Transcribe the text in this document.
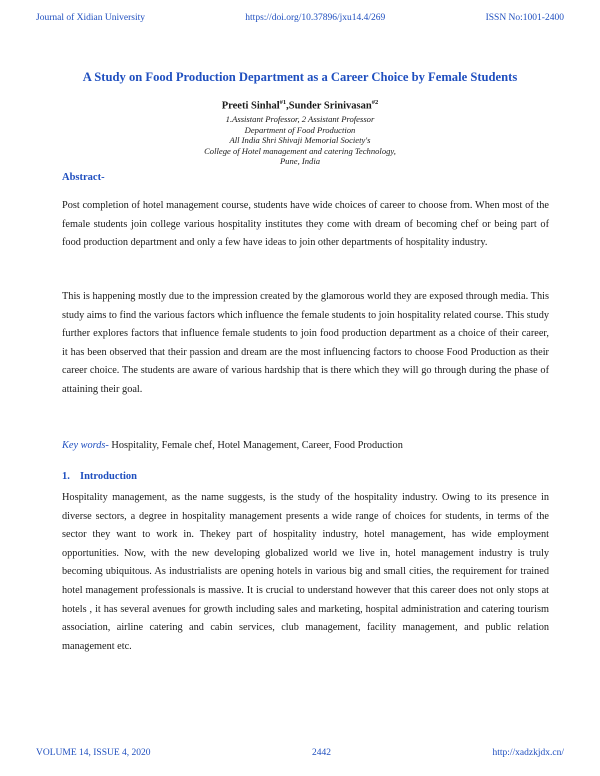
Journal of Xidian University	https://doi.org/10.37896/jxu14.4/269	ISSN No:1001-2400
A Study on Food Production Department as a Career Choice by Female Students
Preeti Sinhal$^{\#1}$,Sunder Srinivasan$^{\#2}$
1.Assistant Professor, 2 Assistant Professor
Department of Food Production
All India Shri Shivaji Memorial Society's
College of Hotel management and catering Technology,
Pune, India
Abstract-
Post completion of hotel management course, students have wide choices of career to choose from. When most of the female students join college various hospitality institutes they come with dream of becoming chef or being part of food production department and only a few have ideas to join other departments of hospitality industry.
This is happening mostly due to the impression created by the glamorous world they are exposed through media. This study aims to find the various factors which influence the female students to join hospitality related course. This study further explores factors that influence female students to join food production department as a choice of their career, it has been observed that their passion and dream are the most influencing factors to choose Food Production as their career choice. The students are aware of various hardship that is there which they will go through during the phase of attaining their goal.
Key words- Hospitality, Female chef, Hotel Management, Career, Food Production
1. Introduction
Hospitality management, as the name suggests, is the study of the hospitality industry. Owing to its presence in diverse sectors, a degree in hospitality management presents a wide range of choices for students, in terms of the sector they want to work in. Thekey part of hospitality industry, hotel management, has wide employment opportunities. Now, with the new developing globalized world we live in, hotel management industry is truly becoming ubiquitous. As industrialists are opening hotels in various big and small cities, the requirement for trained hotel management professionals is massive. It is crucial to understand however that this career does not only stops at hotels , it has several avenues for growth including sales and marketing, hospital administration and catering tourism association, airline catering and cabin services, club management, facility management, and public relation management etc.
VOLUME 14, ISSUE 4, 2020	2442	http://xadzkjdx.cn/
